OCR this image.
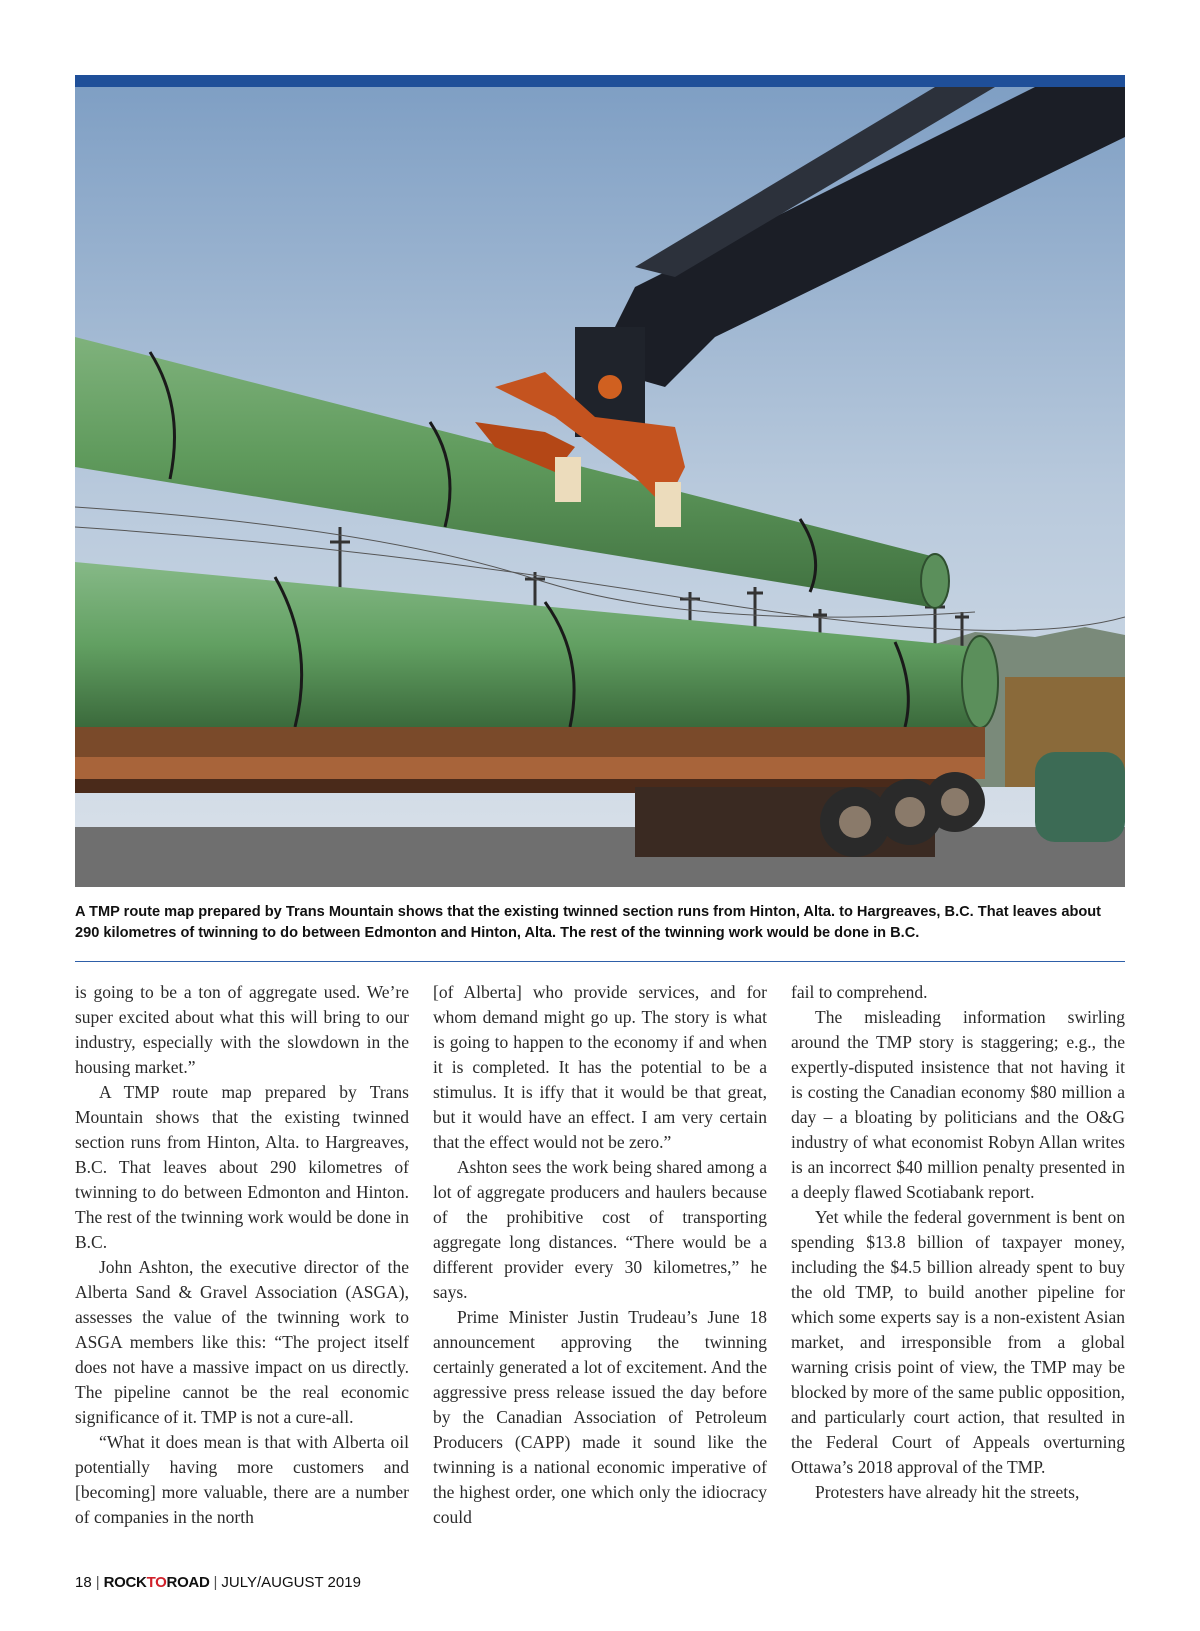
A TMP route map prepared by Trans Mountain shows that the existing twinned section runs from Hinton, Alta. to Hargreaves, B.C. That leaves about 290 kilometres of twinning to do between Edmonton and Hinton, Alta. The rest of the twinning work would be done in B.C.

is going to be a ton of aggregate used. We’re super excited about what this will bring to our industry, especially with the slowdown in the housing market.”

A TMP route map prepared by Trans Mountain shows that the existing twinned section runs from Hinton, Alta. to Hargreaves, B.C. That leaves about 290 kilometres of twinning to do between Edmonton and Hinton. The rest of the twinning work would be done in B.C.

John Ashton, the executive director of the Alberta Sand & Gravel Association (ASGA), assesses the value of the twinning work to ASGA members like this: “The project itself does not have a massive impact on us directly. The pipeline cannot be the real economic significance of it. TMP is not a cure-all.

“What it does mean is that with Alberta oil potentially having more customers and [becoming] more valuable, there are a number of companies in the north

[of Alberta] who provide services, and for whom demand might go up. The story is what is going to happen to the economy if and when it is completed. It has the potential to be a stimulus. It is iffy that it would be that great, but it would have an effect. I am very certain that the effect would not be zero.”

Ashton sees the work being shared among a lot of aggregate producers and haulers because of the prohibitive cost of transporting aggregate long distances. “There would be a different provider every 30 kilometres,” he says.

Prime Minister Justin Trudeau’s June 18 announcement approving the twinning certainly generated a lot of excitement. And the aggressive press release issued the day before by the Canadian Association of Petroleum Producers (CAPP) made it sound like the twinning is a national economic imperative of the highest order, one which only the idiocracy could

fail to comprehend.

The misleading information swirling around the TMP story is staggering; e.g., the expertly-disputed insistence that not having it is costing the Canadian economy $80 million a day – a bloating by politicians and the O&G industry of what economist Robyn Allan writes is an incorrect $40 million penalty presented in a deeply flawed Scotiabank report.

Yet while the federal government is bent on spending $13.8 billion of taxpayer money, including the $4.5 billion already spent to buy the old TMP, to build another pipeline for which some experts say is a non-existent Asian market, and irresponsible from a global warning crisis point of view, the TMP may be blocked by more of the same public opposition, and particularly court action, that resulted in the Federal Court of Appeals overturning Ottawa’s 2018 approval of the TMP.

Protesters have already hit the streets,

18 | ROCKTOROAD | JULY/AUGUST 2019
